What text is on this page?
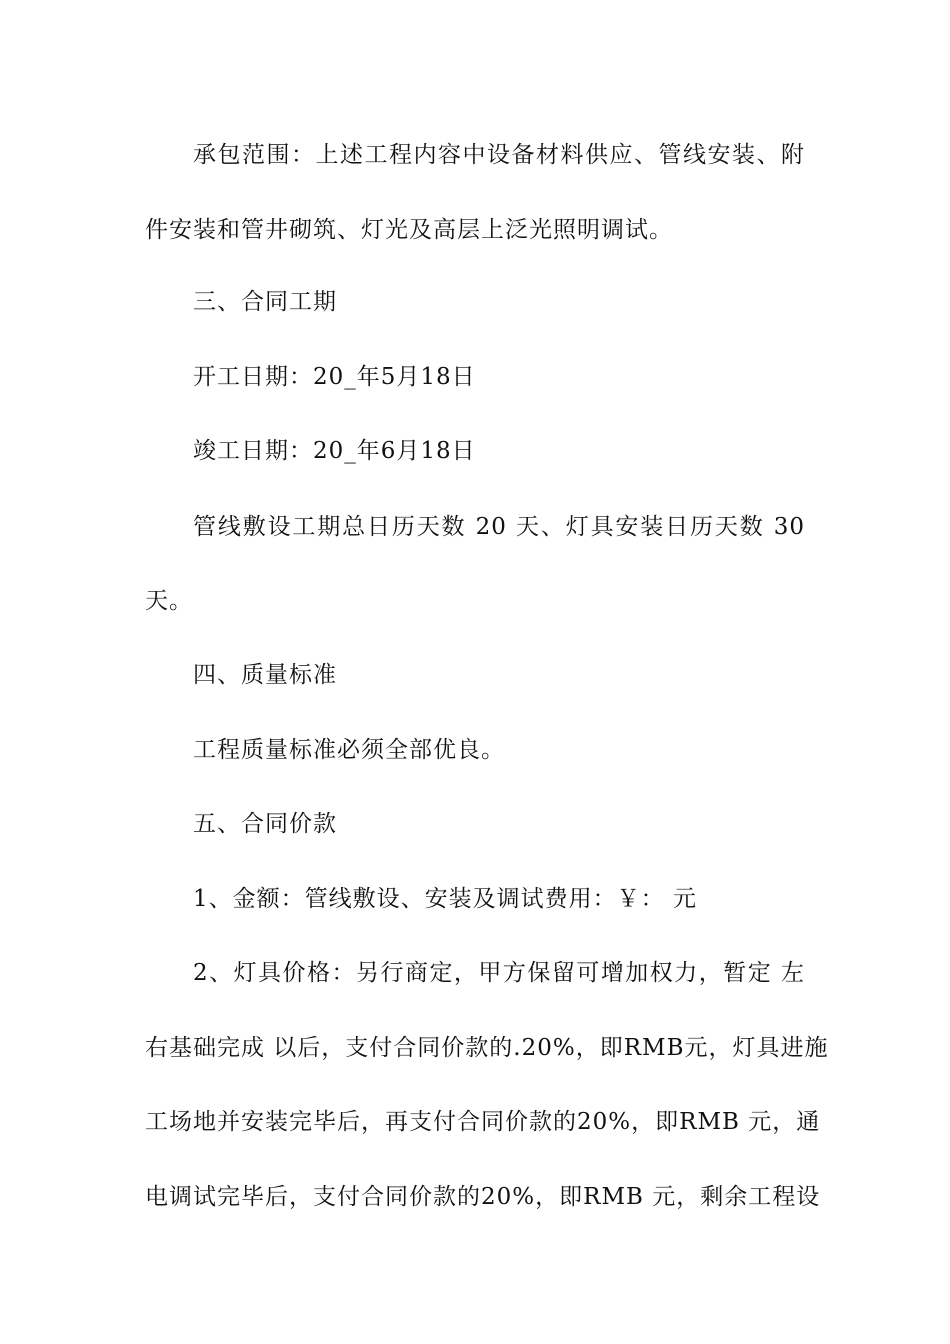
承包范围：上述工程内容中设备材料供应、管线安装、附
件安装和管井砌筑、灯光及高层上泛光照明调试。
三、合同工期
开工日期：20_年5月18日
竣工日期：20_年6月18日
管线敷设工期总日历天数 20 天、灯具安装日历天数 30
天。
四、质量标准
工程质量标准必须全部优良。
五、合同价款
1、金额：管线敷设、安装及调试费用：￥： 元
2、灯具价格：另行商定，甲方保留可增加权力，暂定 左
右基础完成 以后，支付合同价款的.20%，即RMB元，灯具进施
工场地并安装完毕后，再支付合同价款的20%，即RMB 元，通
电调试完毕后，支付合同价款的20%，即RMB 元，剩余工程设
